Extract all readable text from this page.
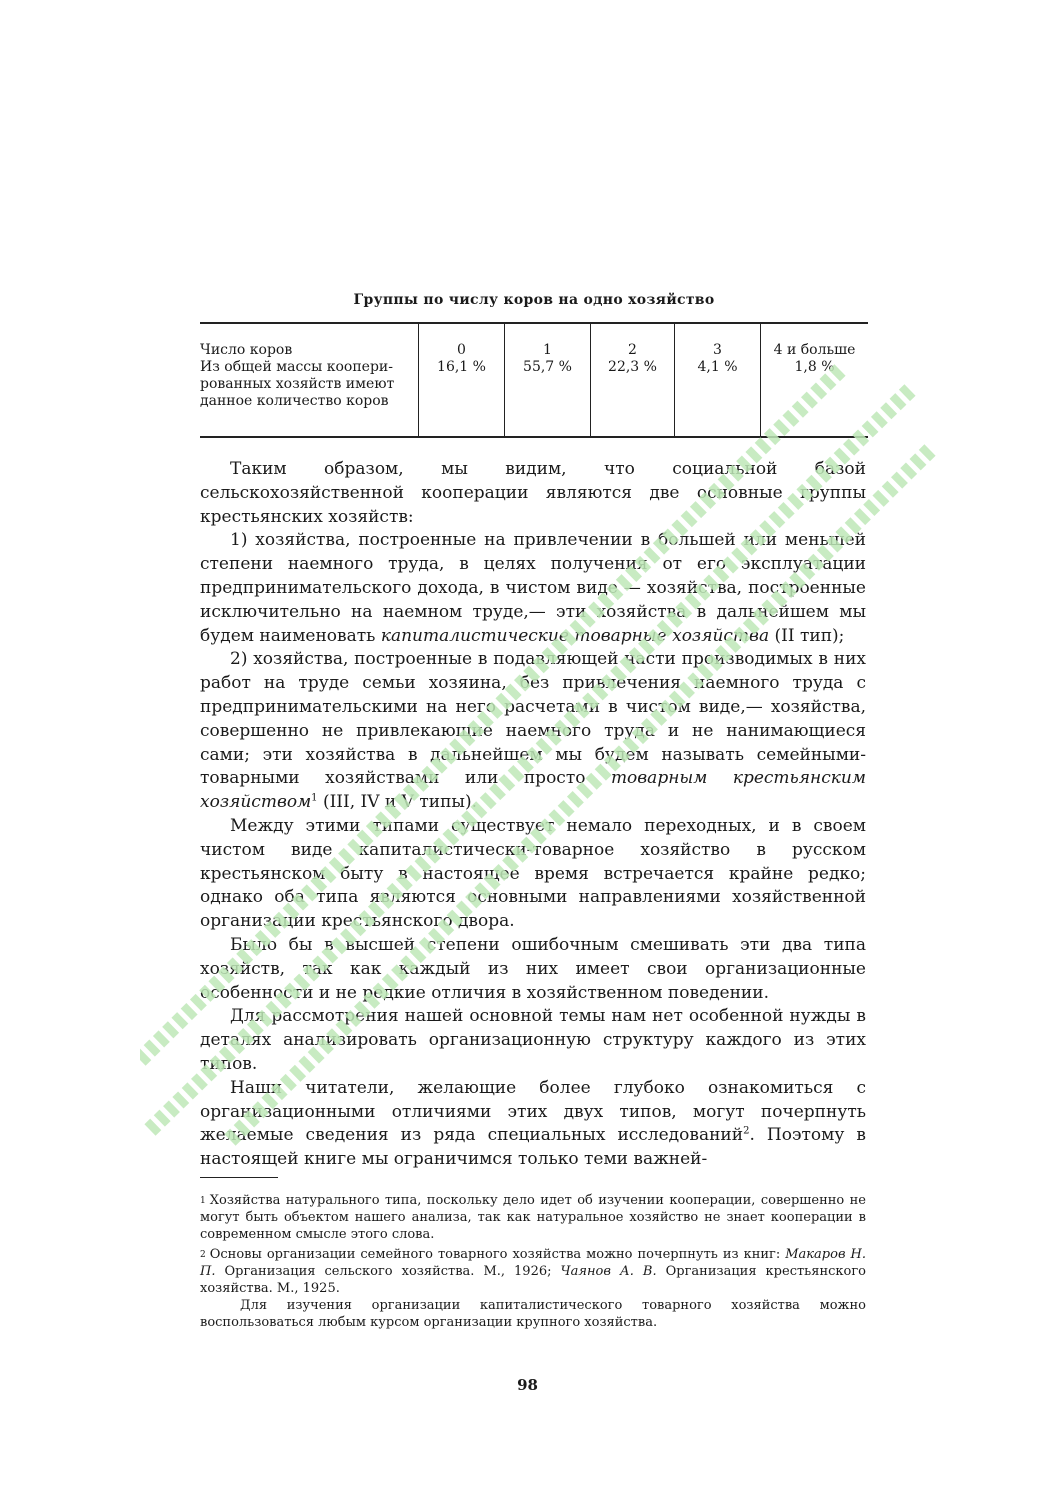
Группы по числу коров на одно хозяйство
Число коров
Из общей массы коопери-
рованных хозяйств имеют
данное количество коров
0
16,1 %
1
55,7 %
2
22,3 %
3
4,1 %
4 и больше
1,8 %

Таким образом, мы видим, что социальной базой сельскохозяйственной кооперации являются две основные группы крестьянских хозяйств:

1) хозяйства, построенные на привлечении в большей или меньшей степени наемного труда, в целях получения от его эксплуатации предпринимательского дохода, в чистом виде — хозяйства, построенные исключительно на наемном труде,— эти хозяйства в дальнейшем мы будем наименовать капиталистические товарные хозяйства (II тип);

2) хозяйства, построенные в подавляющей части производимых в них работ на труде семьи хозяина, без привлечения наемного труда с предпринимательскими на него расчетами в чистом виде,— хозяйства, совершенно не привлекающие наемного труда и не нанимающиеся сами; эти хозяйства в дальнейшем мы будем называть семейными-товарными хозяйствами или просто товарным крестьянским хозяйством$^1$ (III, IV и V типы).

Между этими типами существует немало переходных, и в своем чистом виде капиталистически-товарное хозяйство в русском крестьянском быту в настоящее время встречается крайне редко; однако оба типа являются основными направлениями хозяйственной организации крестьянского двора.

Было бы в высшей степени ошибочным смешивать эти два типа хозяйств, так как каждый из них имеет свои организационные особенности и не редкие отличия в хозяйственном поведении.

Для рассмотрения нашей основной темы нам нет особенной нужды в деталях анализировать организационную структуру каждого из этих типов.

Наши читатели, желающие более глубоко ознакомиться с организационными отличиями этих двух типов, могут почерпнуть желаемые сведения из ряда специальных исследований$^2$. Поэтому в настоящей книге мы ограничимся только теми важней-

$^1$ Хозяйства натурального типа, поскольку дело идет об изучении кооперации, совершенно не могут быть объектом нашего анализа, так как натуральное хозяйство не знает кооперации в современном смысле этого слова.

$^2$ Основы организации семейного товарного хозяйства можно почерпнуть из книг: Макаров Н. П. Организация сельского хозяйства. М., 1926; Чаянов А. В. Организация крестьянского хозяйства. М., 1925.

Для изучения организации капиталистического товарного хозяйства можно воспользоваться любым курсом организации крупного хозяйства.

98
